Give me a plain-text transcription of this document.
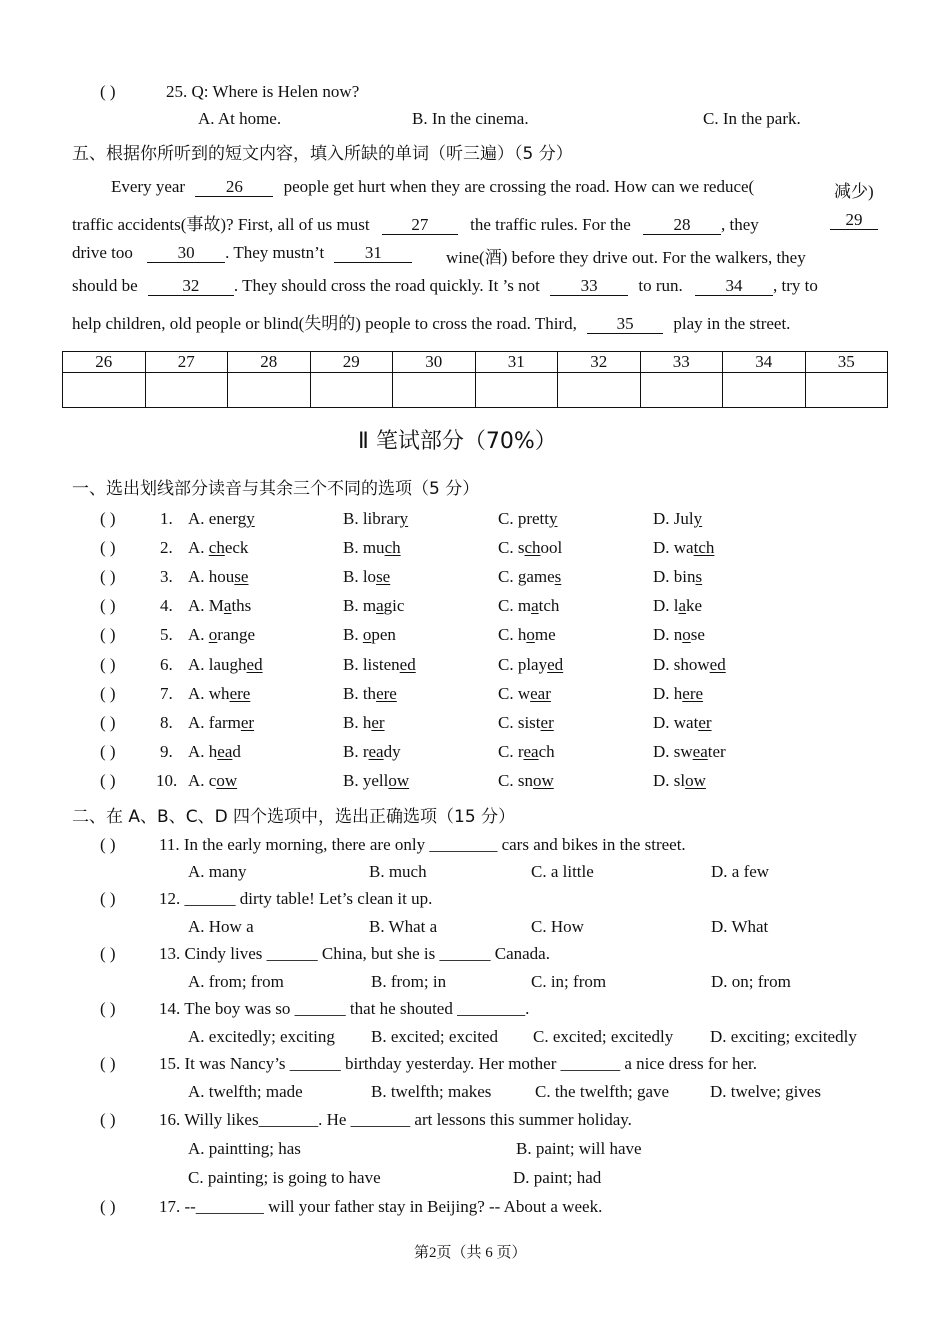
( )	25. Q: Where is Helen now?
A. At home.	B. In the cinema.	C. In the park.
五、根据你所听到的短文内容，填入所缺的单词（听三遍）（5 分）
Every year 26 people get hurt when they are crossing the road. How can we reduce(	减少)
traffic accidents(事故)? First, all of us must 27 the traffic rules. For the	28 , they	29
drive too	30 . They mustn’t 31	wine(酒) before they drive out. For the walkers, they
should be	32 . They should cross the road quickly. It ’s not 33 to run.	34 , try to
help children, old people or blind(失明的) people to cross the road. Third, 35 play in the street.
26	27	28	29	30	31	32	33	34	35

Ⅱ 笔试部分（70%）
一、选出划线部分读音与其余三个不同的选项（5 分）
( )	1. A. energy	B. library	C. pretty	D. July
( )	2. A. check	B. much	C. school	D. watch
( )	3. A. house	B. lose	C. games	D. bins
( )	4. A. Maths	B. magic	C. match	D. lake
( )	5. A. orange	B. open	C. home	D. nose
( )	6. A. laughed	B. listened	C. played	D. showed
( )	7. A. where	B. there	C. wear	D. here
( )	8. A. farmer	B. her	C. sister	D. water
( )	9. A. head	B. ready	C. reach	D. sweater
( ) 10. A. cow	B. yellow	C. snow	D. slow
二、在 A、B、C、D 四个选项中，选出正确选项（15 分）
( )	11. In the early morning, there are only ________ cars and bikes in the street.
A. many	B. much	C. a little	D. a few
( )	12. ______ dirty table! Let’s clean it up.
A. How a	B. What a	C. How	D. What
( )	13. Cindy lives ______ China, but she is ______ Canada.
A. from; from	B. from; in	C. in; from	D. on; from
( )	14. The boy was so ______ that he shouted ________.
A. excitedly; exciting B. excited; excited C. excited; excitedly D. exciting; excitedly
( )	15. It was Nancy’s ______ birthday yesterday. Her mother _______ a nice dress for her.
A. twelfth; made	B. twelfth; makes	C. the twelfth; gave D. twelve; gives
( )	16. Willy likes_______. He _______ art lessons this summer holiday.
A. paintting; has	B. paint; will have
C. painting; is going to have	D. paint; had
( )	17. --________ will your father stay in Beijing? -- About a week.
第2页（共 6 页）
